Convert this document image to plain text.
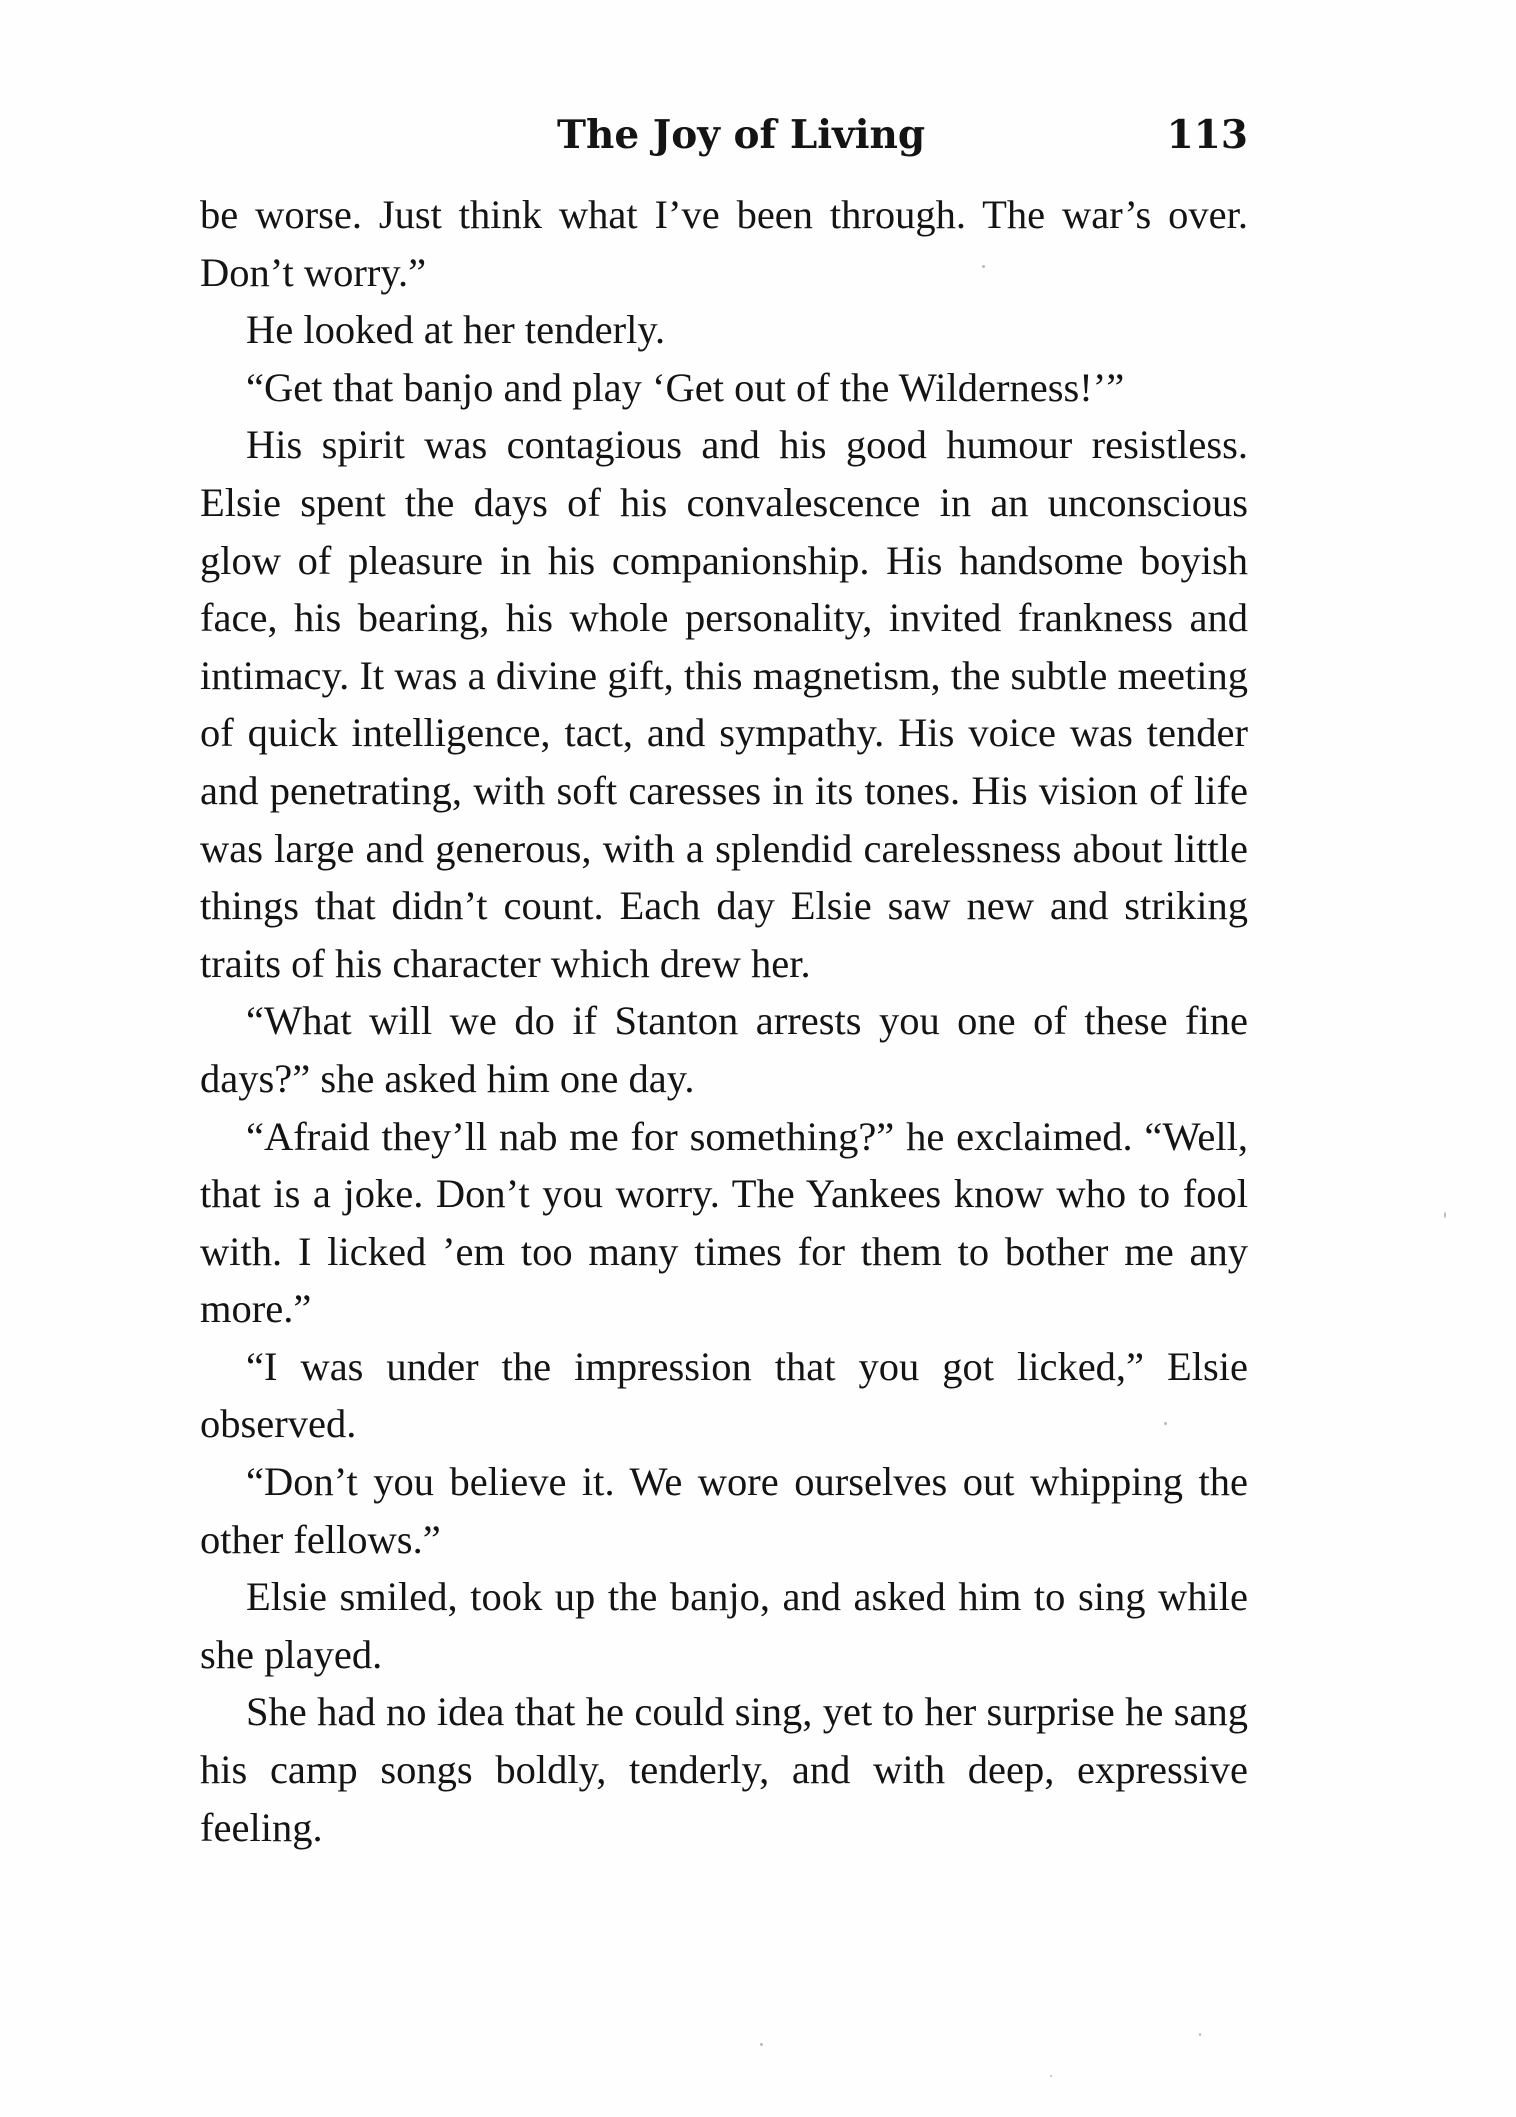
The Joy of Living	113

be worse. Just think what I’ve been through. The war’s over. Don’t worry.”

He looked at her tenderly.

“Get that banjo and play ‘Get out of the Wilderness!’”

His spirit was contagious and his good humour resistless. Elsie spent the days of his convalescence in an unconscious glow of pleasure in his companionship. His handsome boyish face, his bearing, his whole personality, invited frankness and intimacy. It was a divine gift, this magnetism, the subtle meeting of quick intelligence, tact, and sympathy. His voice was tender and penetrating, with soft caresses in its tones. His vision of life was large and generous, with a splendid carelessness about little things that didn’t count. Each day Elsie saw new and striking traits of his character which drew her.

“What will we do if Stanton arrests you one of these fine days?” she asked him one day.

“Afraid they’ll nab me for something?” he exclaimed. “Well, that is a joke. Don’t you worry. The Yankees know who to fool with. I licked ’em too many times for them to bother me any more.”

“I was under the impression that you got licked,” Elsie observed.

“Don’t you believe it. We wore ourselves out whipping the other fellows.”

Elsie smiled, took up the banjo, and asked him to sing while she played.

She had no idea that he could sing, yet to her surprise he sang his camp songs boldly, tenderly, and with deep, expressive feeling.
